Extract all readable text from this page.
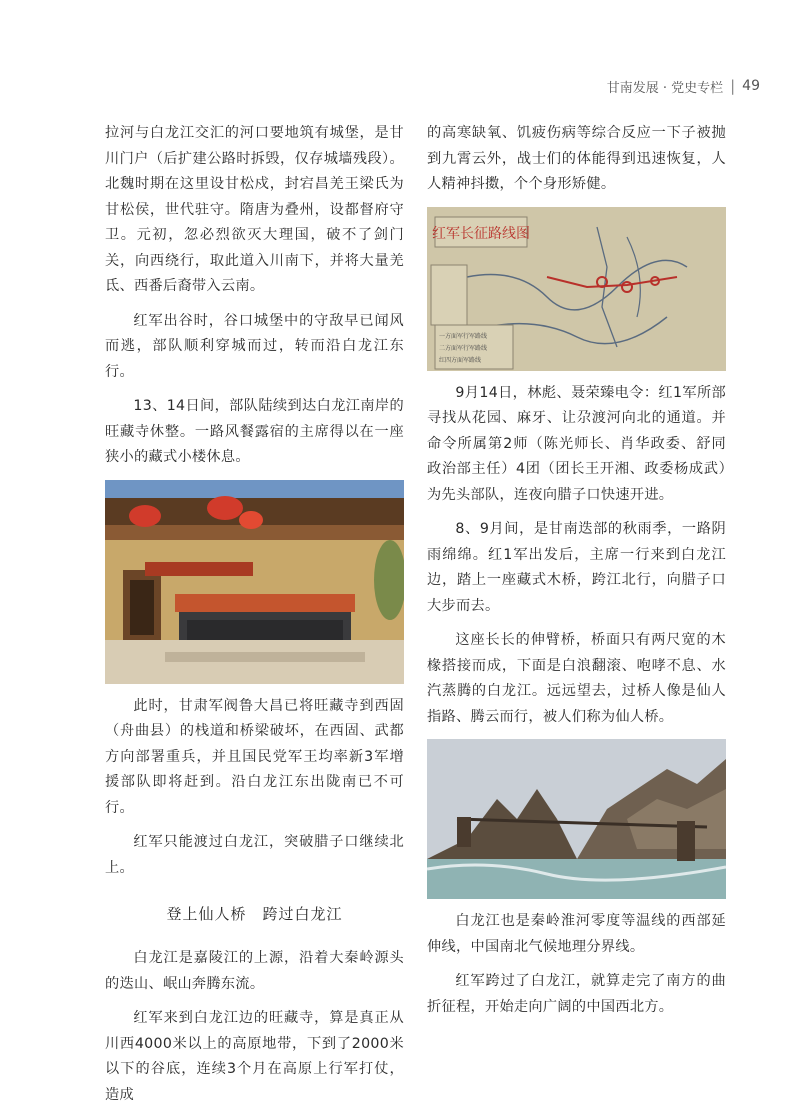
甘南发展 · 党史专栏 | 49

拉河与白龙江交汇的河口要地筑有城堡，是甘川门户（后扩建公路时拆毁，仅存城墙残段）。北魏时期在这里设甘松戍，封宕昌羌王梁氏为甘松侯，世代驻守。隋唐为叠州，设都督府守卫。元初，忽必烈欲灭大理国，破不了剑门关，向西绕行，取此道入川南下，并将大量羌氐、西番后裔带入云南。

红军出谷时，谷口城堡中的守敌早已闻风而逃，部队顺利穿城而过，转而沿白龙江东行。

13、14日间，部队陆续到达白龙江南岸的旺藏寺休整。一路风餐露宿的主席得以在一座狭小的藏式小楼休息。

此时，甘肃军阀鲁大昌已将旺藏寺到西固（舟曲县）的栈道和桥梁破坏，在西固、武都方向部署重兵，并且国民党军王均率新3军增援部队即将赶到。沿白龙江东出陇南已不可行。

红军只能渡过白龙江，突破腊子口继续北上。

登上仙人桥　跨过白龙江

白龙江是嘉陵江的上源，沿着大秦岭源头的迭山、岷山奔腾东流。

红军来到白龙江边的旺藏寺，算是真正从川西4000米以上的高原地带，下到了2000米以下的谷底，连续3个月在高原上行军打仗，造成

的高寒缺氧、饥疲伤病等综合反应一下子被抛到九霄云外，战士们的体能得到迅速恢复，人人精神抖擞，个个身形矫健。

红军长征路线图
一方面军行军路线
二方面军行军路线
红四方面军路线

9月14日，林彪、聂荣臻电令：红1军所部寻找从花园、麻牙、让尕渡河向北的通道。并命令所属第2师（陈光师长、肖华政委、舒同政治部主任）4团（团长王开湘、政委杨成武）为先头部队，连夜向腊子口快速开进。

8、9月间，是甘南迭部的秋雨季，一路阴雨绵绵。红1军出发后，主席一行来到白龙江边，踏上一座藏式木桥，跨江北行，向腊子口大步而去。

这座长长的伸臂桥，桥面只有两尺宽的木椽搭接而成，下面是白浪翻滚、咆哮不息、水汽蒸腾的白龙江。远远望去，过桥人像是仙人指路、腾云而行，被人们称为仙人桥。

白龙江也是秦岭淮河零度等温线的西部延伸线，中国南北气候地理分界线。

红军跨过了白龙江，就算走完了南方的曲折征程，开始走向广阔的中国西北方。
